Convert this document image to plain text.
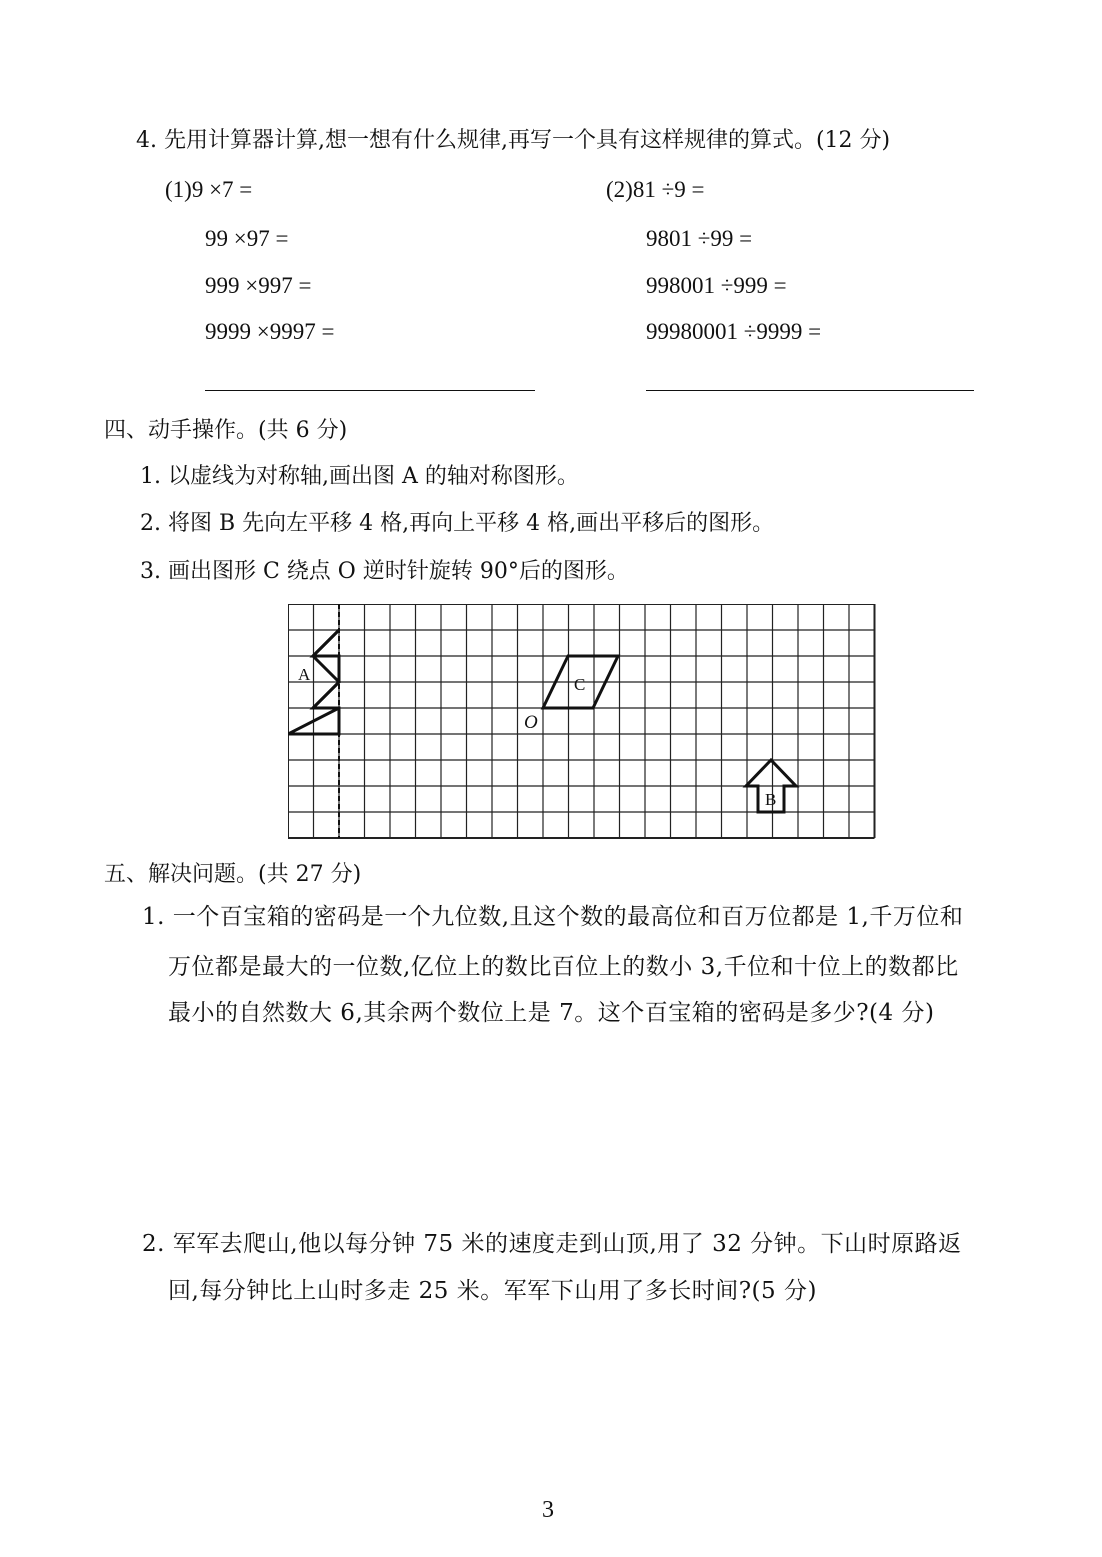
4. 先用计算器计算,想一想有什么规律,再写一个具有这样规律的算式。(12 分)
(1)9 ×7 =
99 ×97 =
999 ×997 =
9999 ×9997 =
(2)81 ÷9 =
9801 ÷99 =
998001 ÷999 =
99980001 ÷9999 =
四、动手操作。(共 6 分)
1. 以虚线为对称轴,画出图 A 的轴对称图形。
2. 将图 B 先向左平移 4 格,再向上平移 4 格,画出平移后的图形。
3. 画出图形 C 绕点 O 逆时针旋转 90°后的图形。
A
C
O
B
五、解决问题。(共 27 分)
1. 一个百宝箱的密码是一个九位数,且这个数的最高位和百万位都是 1,千万位和
万位都是最大的一位数,亿位上的数比百位上的数小 3,千位和十位上的数都比
最小的自然数大 6,其余两个数位上是 7。这个百宝箱的密码是多少?(4 分)
2. 军军去爬山,他以每分钟 75 米的速度走到山顶,用了 32 分钟。下山时原路返
回,每分钟比上山时多走 25 米。军军下山用了多长时间?(5 分)
3
